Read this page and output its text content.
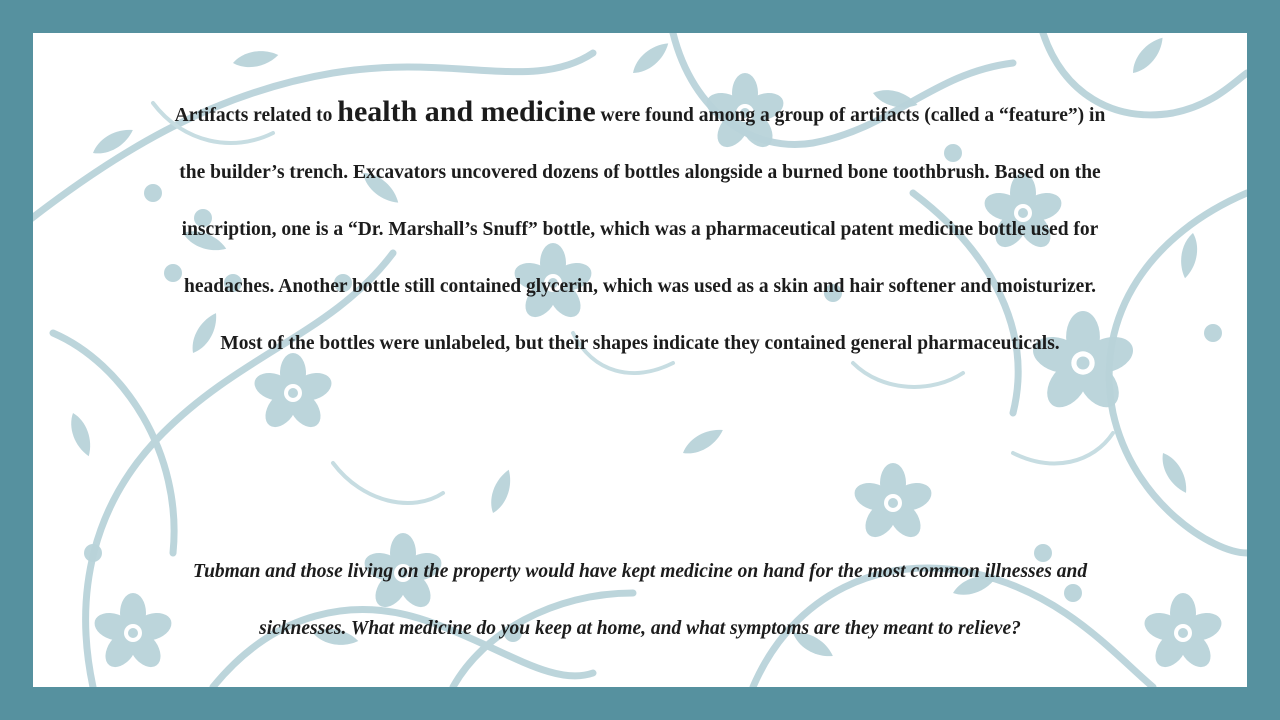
Artifacts related to health and medicine were found among a group of artifacts (called a “feature”) in the builder’s trench. Excavators uncovered dozens of bottles alongside a burned bone toothbrush. Based on the inscription, one is a “Dr. Marshall’s Snuff” bottle, which was a pharmaceutical patent medicine bottle used for headaches. Another bottle still contained glycerin, which was used as a skin and hair softener and moisturizer. Most of the bottles were unlabeled, but their shapes indicate they contained general pharmaceuticals.

Tubman and those living on the property would have kept medicine on hand for the most common illnesses and sicknesses. What medicine do you keep at home, and what symptoms are they meant to relieve?
